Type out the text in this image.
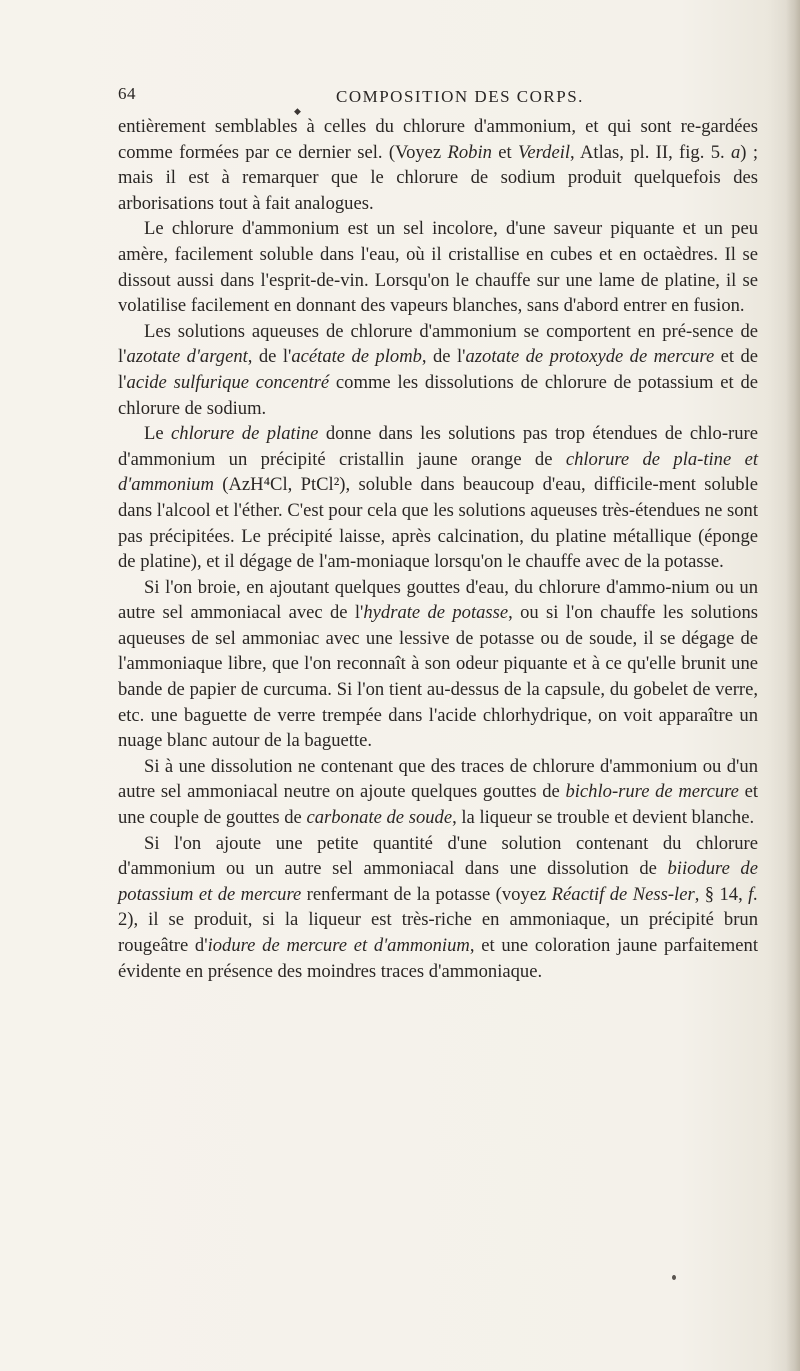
64	COMPOSITION DES CORPS.
◆

entièrement semblables à celles du chlorure d'ammonium, et qui sont re-gardées comme formées par ce dernier sel. (Voyez Robin et Verdeil, Atlas, pl. II, fig. 5. a) ; mais il est à remarquer que le chlorure de sodium produit quelquefois des arborisations tout à fait analogues.

Le chlorure d'ammonium est un sel incolore, d'une saveur piquante et un peu amère, facilement soluble dans l'eau, où il cristallise en cubes et en octaèdres. Il se dissout aussi dans l'esprit-de-vin. Lorsqu'on le chauffe sur une lame de platine, il se volatilise facilement en donnant des vapeurs blanches, sans d'abord entrer en fusion.

Les solutions aqueuses de chlorure d'ammonium se comportent en pré-sence de l'azotate d'argent, de l'acétate de plomb, de l'azotate de protoxyde de mercure et de l'acide sulfurique concentré comme les dissolutions de chlorure de potassium et de chlorure de sodium.

Le chlorure de platine donne dans les solutions pas trop étendues de chlo-rure d'ammonium un précipité cristallin jaune orange de chlorure de pla-tine et d'ammonium (AzH⁴Cl, PtCl²), soluble dans beaucoup d'eau, difficile-ment soluble dans l'alcool et l'éther. C'est pour cela que les solutions aqueuses très-étendues ne sont pas précipitées. Le précipité laisse, après calcination, du platine métallique (éponge de platine), et il dégage de l'am-moniaque lorsqu'on le chauffe avec de la potasse.

Si l'on broie, en ajoutant quelques gouttes d'eau, du chlorure d'ammo-nium ou un autre sel ammoniacal avec de l'hydrate de potasse, ou si l'on chauffe les solutions aqueuses de sel ammoniac avec une lessive de potasse ou de soude, il se dégage de l'ammoniaque libre, que l'on reconnaît à son odeur piquante et à ce qu'elle brunit une bande de papier de curcuma. Si l'on tient au-dessus de la capsule, du gobelet de verre, etc. une baguette de verre trempée dans l'acide chlorhydrique, on voit apparaître un nuage blanc autour de la baguette.

Si à une dissolution ne contenant que des traces de chlorure d'ammonium ou d'un autre sel ammoniacal neutre on ajoute quelques gouttes de bichlo-rure de mercure et une couple de gouttes de carbonate de soude, la liqueur se trouble et devient blanche.

Si l'on ajoute une petite quantité d'une solution contenant du chlorure d'ammonium ou un autre sel ammoniacal dans une dissolution de biiodure de potassium et de mercure renfermant de la potasse (voyez Réactif de Ness-ler, § 14, f. 2), il se produit, si la liqueur est très-riche en ammoniaque, un précipité brun rougeâtre d'iodure de mercure et d'ammonium, et une coloration jaune parfaitement évidente en présence des moindres traces d'ammoniaque.
